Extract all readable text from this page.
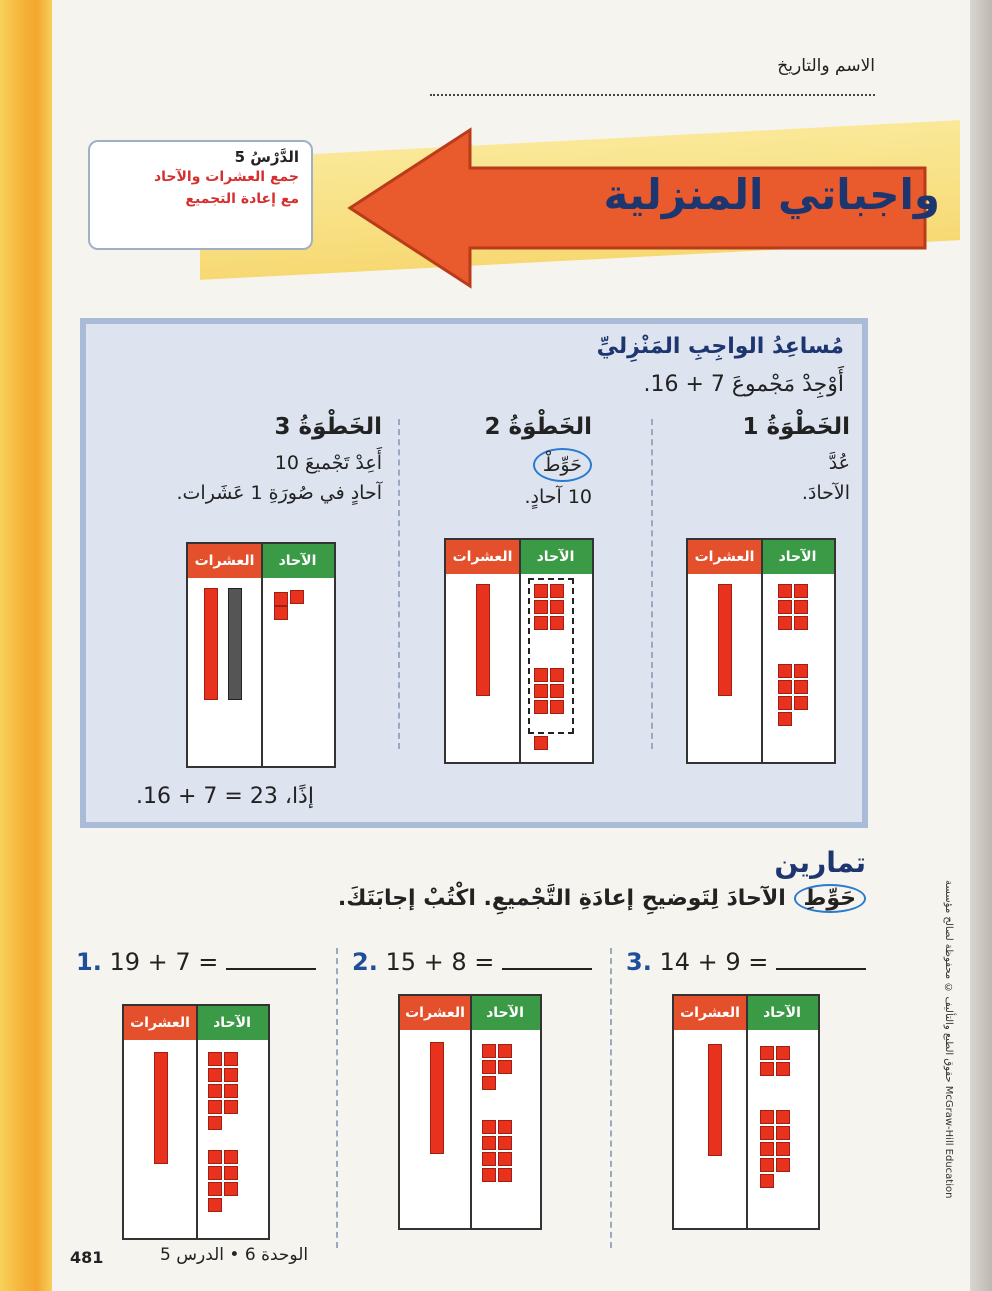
الاسم والتاريخ
واجباتي المنزلية
الدَّرْسُ 5
جمع العشرات والآحاد
مع إعادة التجميع
مُساعِدُ الواجِبِ المَنْزِليِّ
أَوْجِدْ مَجْموعَ 7 + 16.
الخَطْوَةُ 1

عُدَّ

الآحادَ.

الخَطْوَةُ 2

حَوِّطْ

10 آحادٍ.

الخَطْوَةُ 3

أَعِدْ تَجْميعَ 10

آحادٍ في صُورَةِ 1 عَشَرات.

الآحاد
العشرات
الآحاد
العشرات
الآحاد
العشرات
إذًا، 23 = 7 + 16.
تمارين
حَوِّطِ الآحادَ لِتَوضيحِ إعادَةِ التَّجْميعِ. اكْتُبْ إجابَتَكَ.
1. 19 + 7 =	2. 15 + 8 =	3. 14 + 9 =
الآحاد
العشرات
الآحاد
العشرات	الآحاد
العشرات	حقوق الطبع والتأليف © محفوظة لصالح مؤسسة McGraw-Hill Education
481	الوحدة 6 • الدرس 5
